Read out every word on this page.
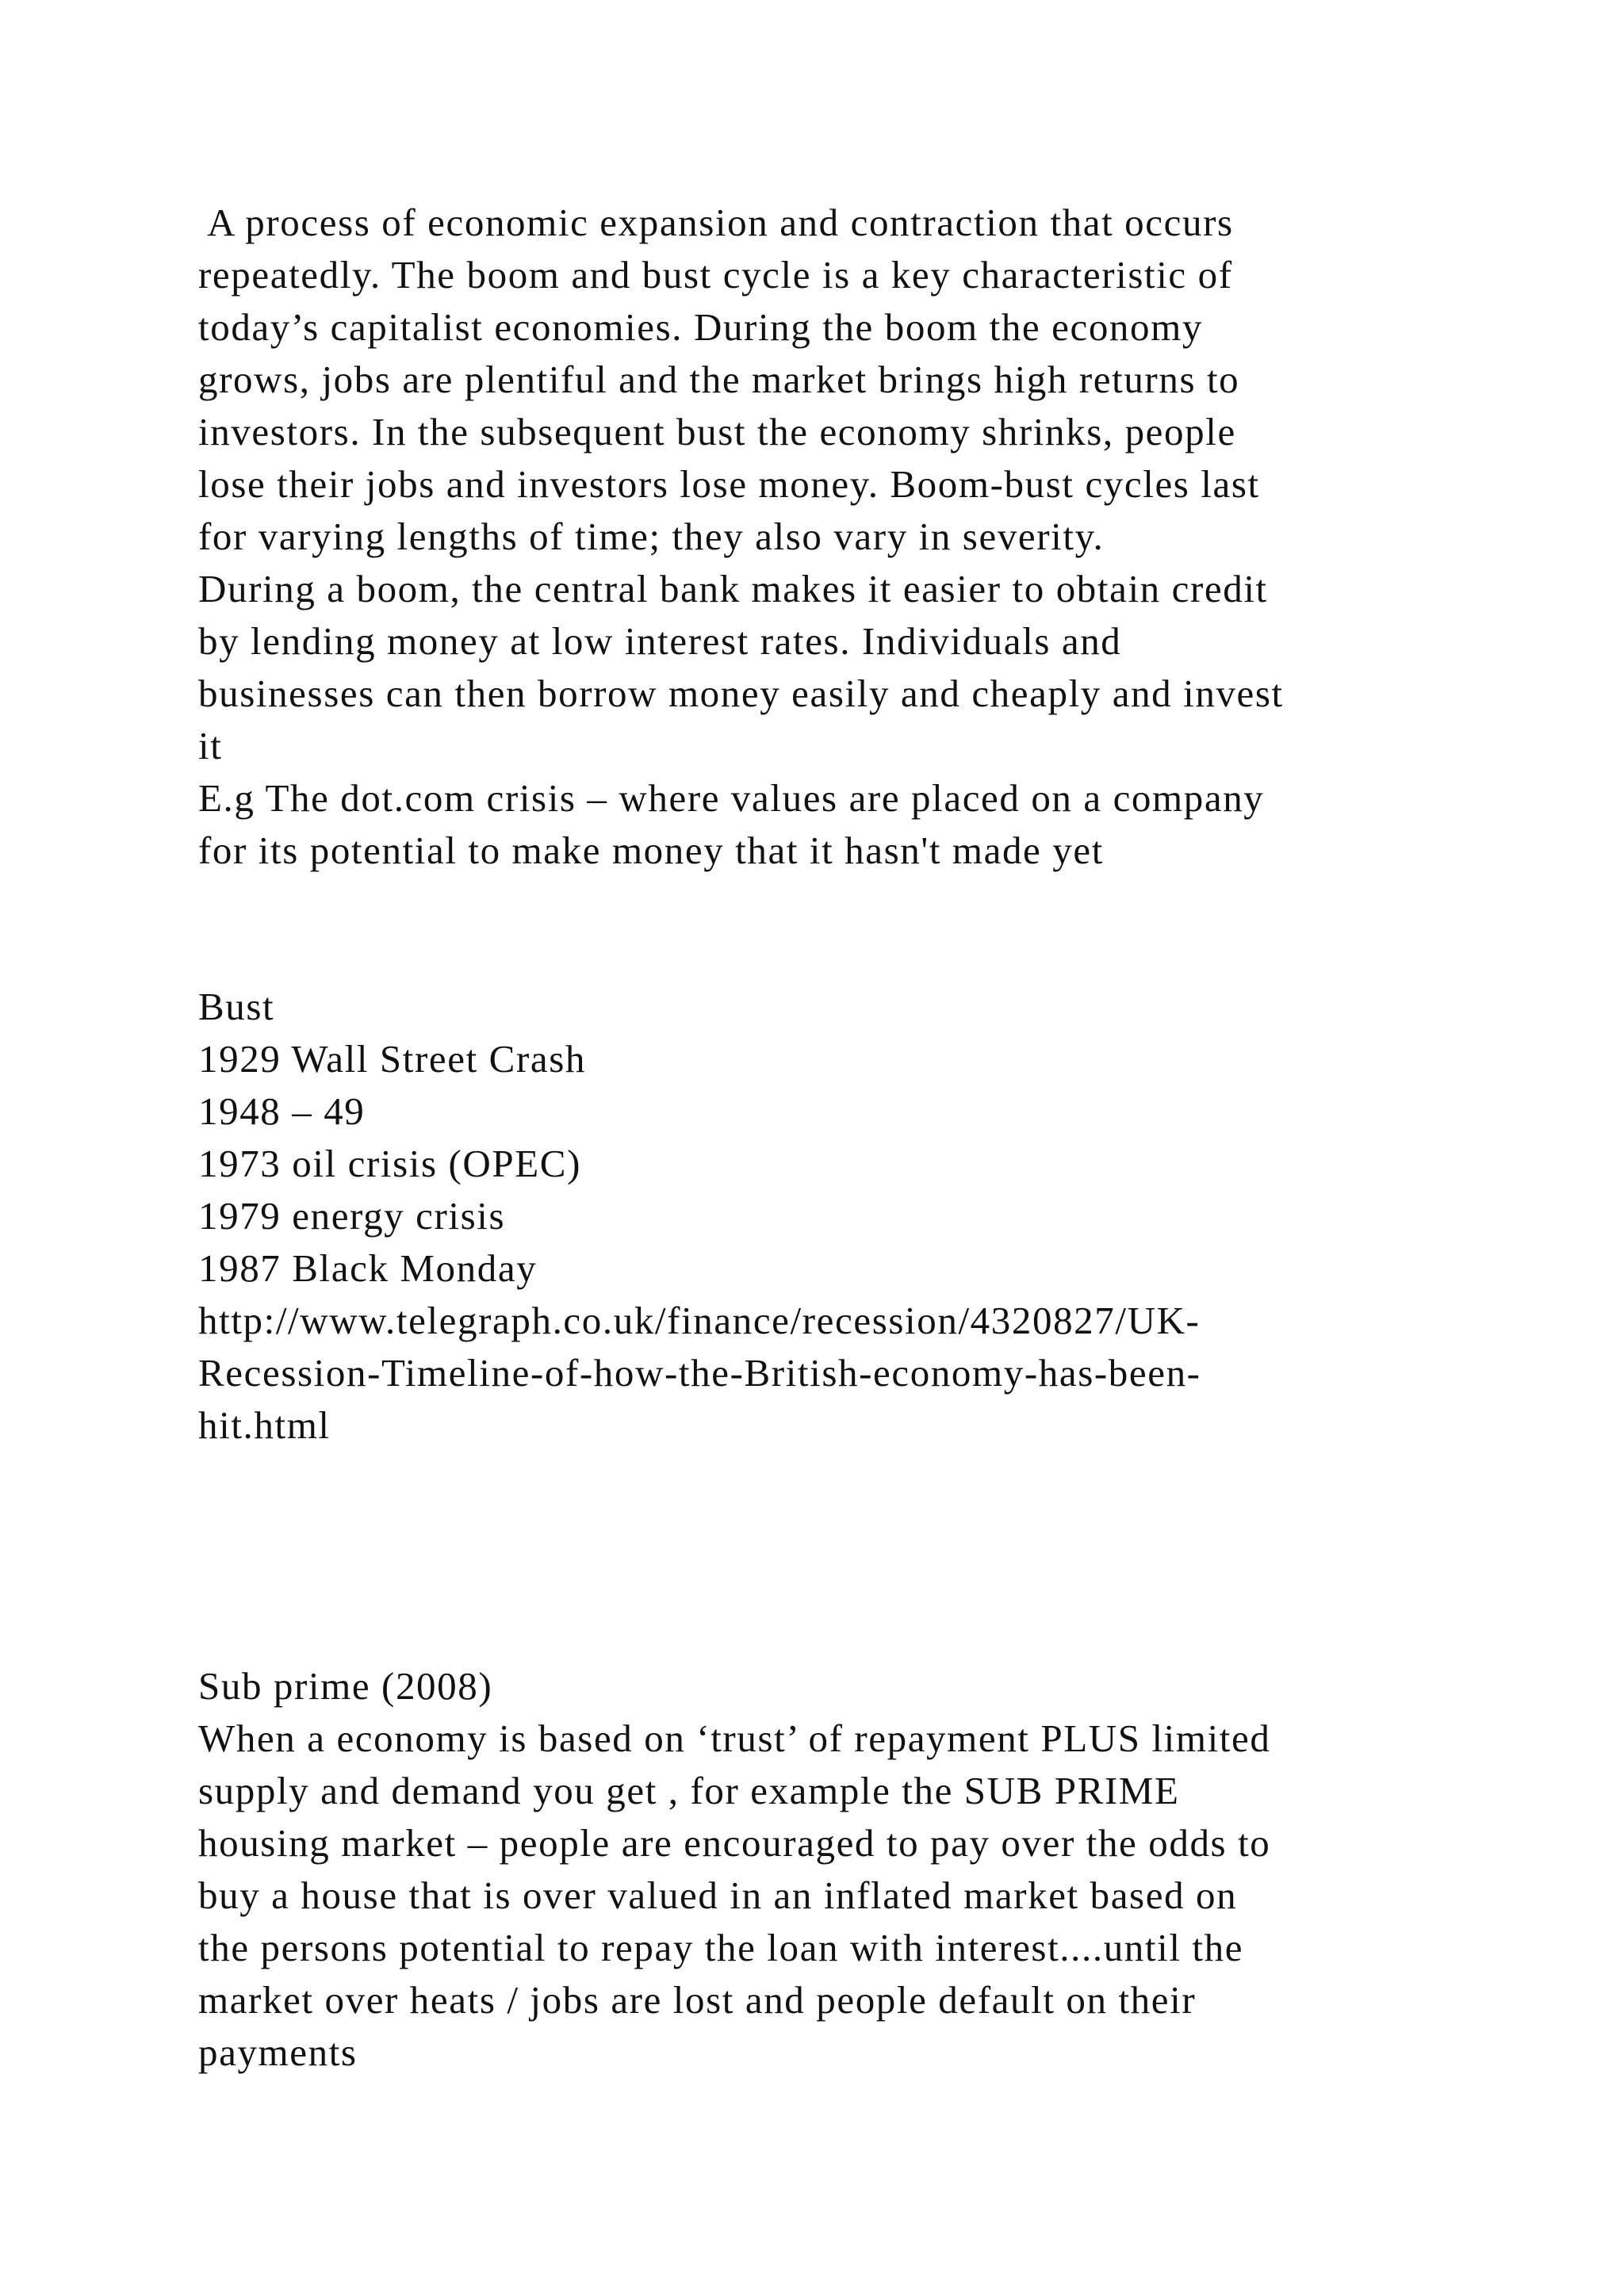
A process of economic expansion and contraction that occurs
repeatedly. The boom and bust cycle is a key characteristic of
today’s capitalist economies. During the boom the economy
grows, jobs are plentiful and the market brings high returns to
investors. In the subsequent bust the economy shrinks, people
lose their jobs and investors lose money. Boom-bust cycles last
for varying lengths of time; they also vary in severity.
During a boom, the central bank makes it easier to obtain credit
by lending money at low interest rates. Individuals and
businesses can then borrow money easily and cheaply and invest
it
E.g The dot.com crisis – where values are placed on a company
for its potential to make money that it hasn't made yet
Bust
1929 Wall Street Crash
1948 – 49
1973 oil crisis (OPEC)
1979 energy crisis
1987 Black Monday
http://www.telegraph.co.uk/finance/recession/4320827/UK-
Recession-Timeline-of-how-the-British-economy-has-been-
hit.html
Sub prime (2008)
When a economy is based on ‘trust’ of repayment PLUS limited
supply and demand you get , for example the SUB PRIME
housing market – people are encouraged to pay over the odds to
buy a house that is over valued in an inflated market based on
the persons potential to repay the loan with interest....until the
market over heats / jobs are lost and people default on their
payments
